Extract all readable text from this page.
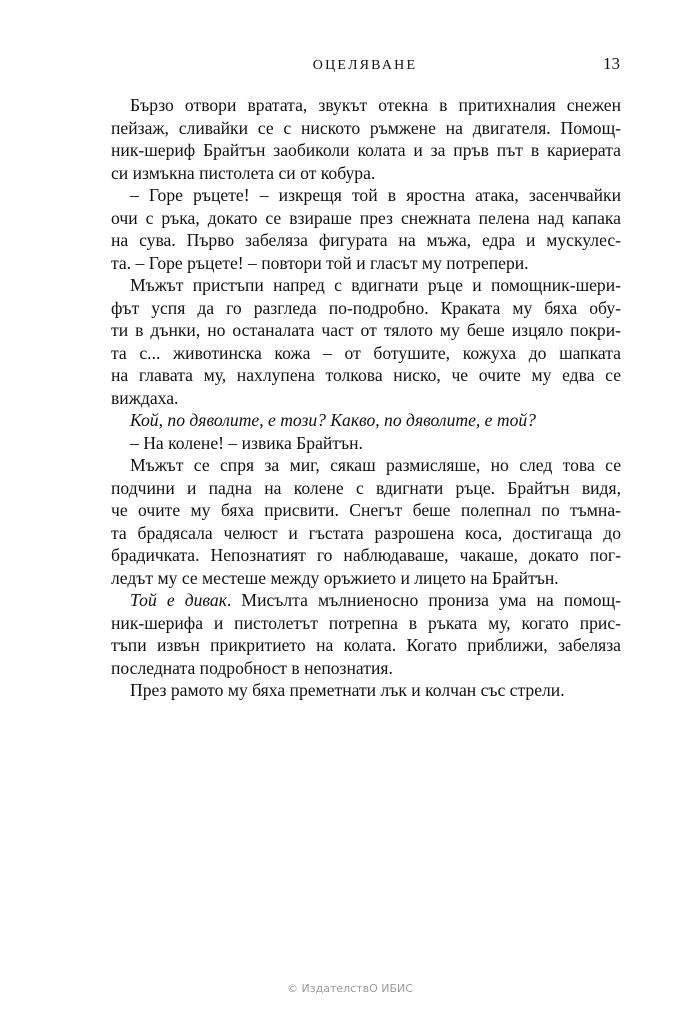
ОЦЕЛЯВАНЕ	13
Бързо отвори вратата, звукът отекна в притихналия снежен
пейзаж, сливайки се с ниското ръмжене на двигателя. Помощ-
ник-шериф Брайтън заобиколи колата и за пръв път в кариерата
си измъкна пистолета си от кобура.
– Горе ръцете! – изкрещя той в яростна атака, засенчвайки
очи с ръка, докато се взираше през снежната пелена над капака
на сува. Първо забеляза фигурата на мъжа, едра и мускулес-
та. – Горе ръцете! – повтори той и гласът му потрепери.
Мъжът пристъпи напред с вдигнати ръце и помощник-шери-
фът успя да го разгледа по-подробно. Краката му бяха обу-
ти в дънки, но останалата част от тялото му беше изцяло покри-
та с... животинска кожа – от ботушите, кожуха до шапката
на главата му, нахлупена толкова ниско, че очите му едва се
виждаха.
Кой, по дяволите, е този? Какво, по дяволите, е той?
– На колене! – извика Брайтън.
Мъжът се спря за миг, сякаш размисляше, но след това се
подчини и падна на колене с вдигнати ръце. Брайтън видя,
че очите му бяха присвити. Снегът беше полепнал по тъмна-
та брадясала челюст и гъстата разрошена коса, достигаща до
брадичката. Непознатият го наблюдаваше, чакаше, докато пог-
ледът му се местеше между оръжието и лицето на Брайтън.
Той е дивак. Мисълта мълниеносно прониза ума на помощ-
ник-шерифа и пистолетът потрепна в ръката му, когато прис-
тъпи извън прикритието на колата. Когато приближи, забеляза
последната подробност в непознатия.
През рамото му бяха преметнати лък и колчан със стрели.
© ИздателствО ИБИС
